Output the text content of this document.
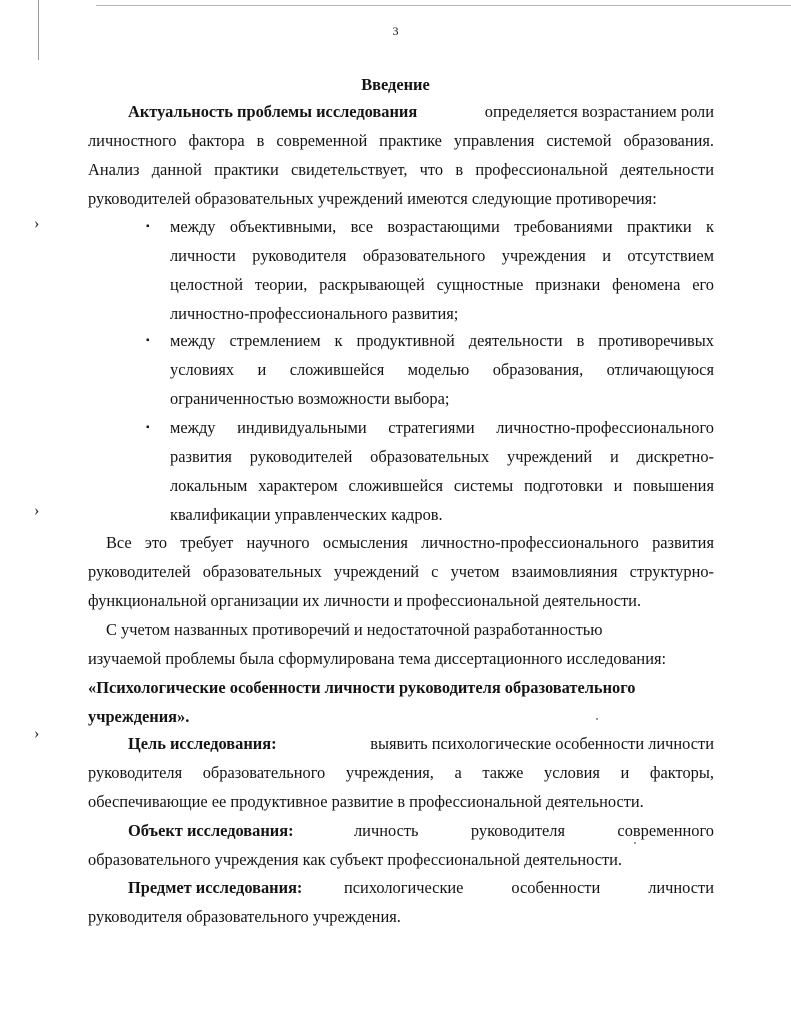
›
›
›
3
Введение
Актуальность проблемы исследования	определяется возрастанием роли
личностного фактора в современной практике управления системой образования.
Анализ данной практики свидетельствует, что в профессиональной деятельности
руководителей образовательных учреждений имеются следующие противоречия:
▪ между объективными, все возрастающими требованиями практики к
личности руководителя образовательного учреждения и отсутствием
целостной теории, раскрывающей сущностные признаки феномена его
личностно-профессионального развития;
▪ между стремлением к продуктивной деятельности в противоречивых
условиях и сложившейся моделью образования, отличающуюся
ограниченностью возможности выбора;
▪ между индивидуальными стратегиями личностно-профессионального
развития руководителей образовательных учреждений и дискретно-
локальным характером сложившейся системы подготовки и повышения
квалификации управленческих кадров.
Все это требует научного осмысления личностно-профессионального развития
руководителей образовательных учреждений с учетом взаимовлияния структурно-
функциональной организации их личности и профессиональной деятельности.
С учетом названных противоречий и недостаточной разработанностью
изучаемой проблемы была сформулирована тема диссертационного исследования:
«Психологические особенности личности руководителя образовательного
учреждения».
Цель исследования:	выявить психологические особенности личности
руководителя образовательного учреждения, а также условия и факторы,
обеспечивающие ее продуктивное развитие в профессиональной деятельности.
Объект исследования:	личность руководителя современного
образовательного учреждения как субъект профессиональной деятельности.
Предмет исследования:	психологические особенности личности
руководителя образовательного учреждения.
